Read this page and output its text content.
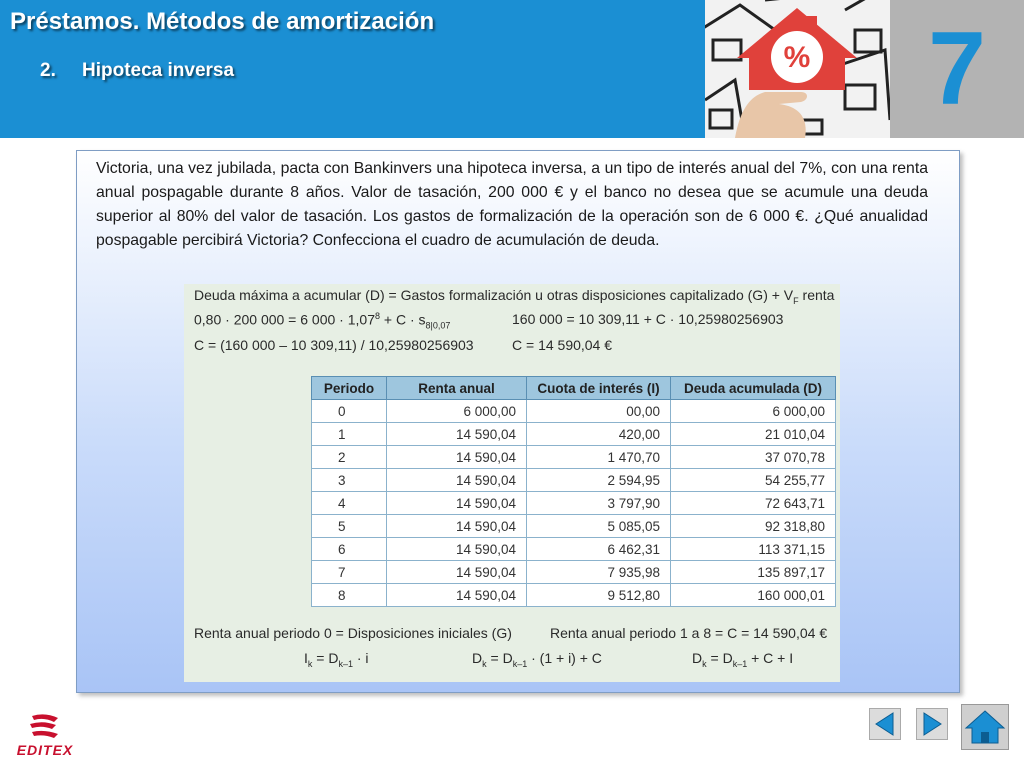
Préstamos. Métodos de amortización
2. Hipoteca inversa	%	7

Victoria, una vez jubilada, pacta con Bankinvers una hipoteca inversa, a un tipo de interés anual del 7%, con una renta anual pospagable durante 8 años. Valor de tasación, 200 000 € y el banco no desea que se acumule una deuda superior al 80% del valor de tasación. Los gastos de formalización de la operación son de 6 000 €. ¿Qué anualidad pospagable percibirá Victoria? Confecciona el cuadro de acumulación de deuda.

Deuda máxima a acumular (D) = Gastos formalización u otras disposiciones capitalizado $(G) + V_F$ renta
0,80 · 200 000 = 6 $000 \cdot 1,07^8 + C \cdot s_{8|0,07}$	160 000 = 10 309,11 + C · 10,25980256903
C = (160 000 – 10 309,11) / 10,25980256903	C = 14 590,04 €
Periodo	Renta anual	Cuota de interés (I)	Deuda acumulada (D)
0	6 000,00	00,00	6 000,00
1	14 590,04	420,00	21 010,04
2	14 590,04	1 470,70	37 070,78
3	14 590,04	2 594,95	54 255,77
4	14 590,04	3 797,90	72 643,71
5	14 590,04	5 085,05	92 318,80
6	14 590,04	6 462,31	113 371,15
7	14 590,04	7 935,98	135 897,17
8	14 590,04	9 512,80	160 000,01
Renta anual periodo 0 = Disposiciones iniciales (G)	Renta anual periodo 1 a 8 = C = 14 590,04 €
$I_k = D_{k-1} \cdot i$	$D_k = D_{k-1} \cdot (1 + i) + C$	$D_k = D_{k-1} + C + I$
EDITEX
